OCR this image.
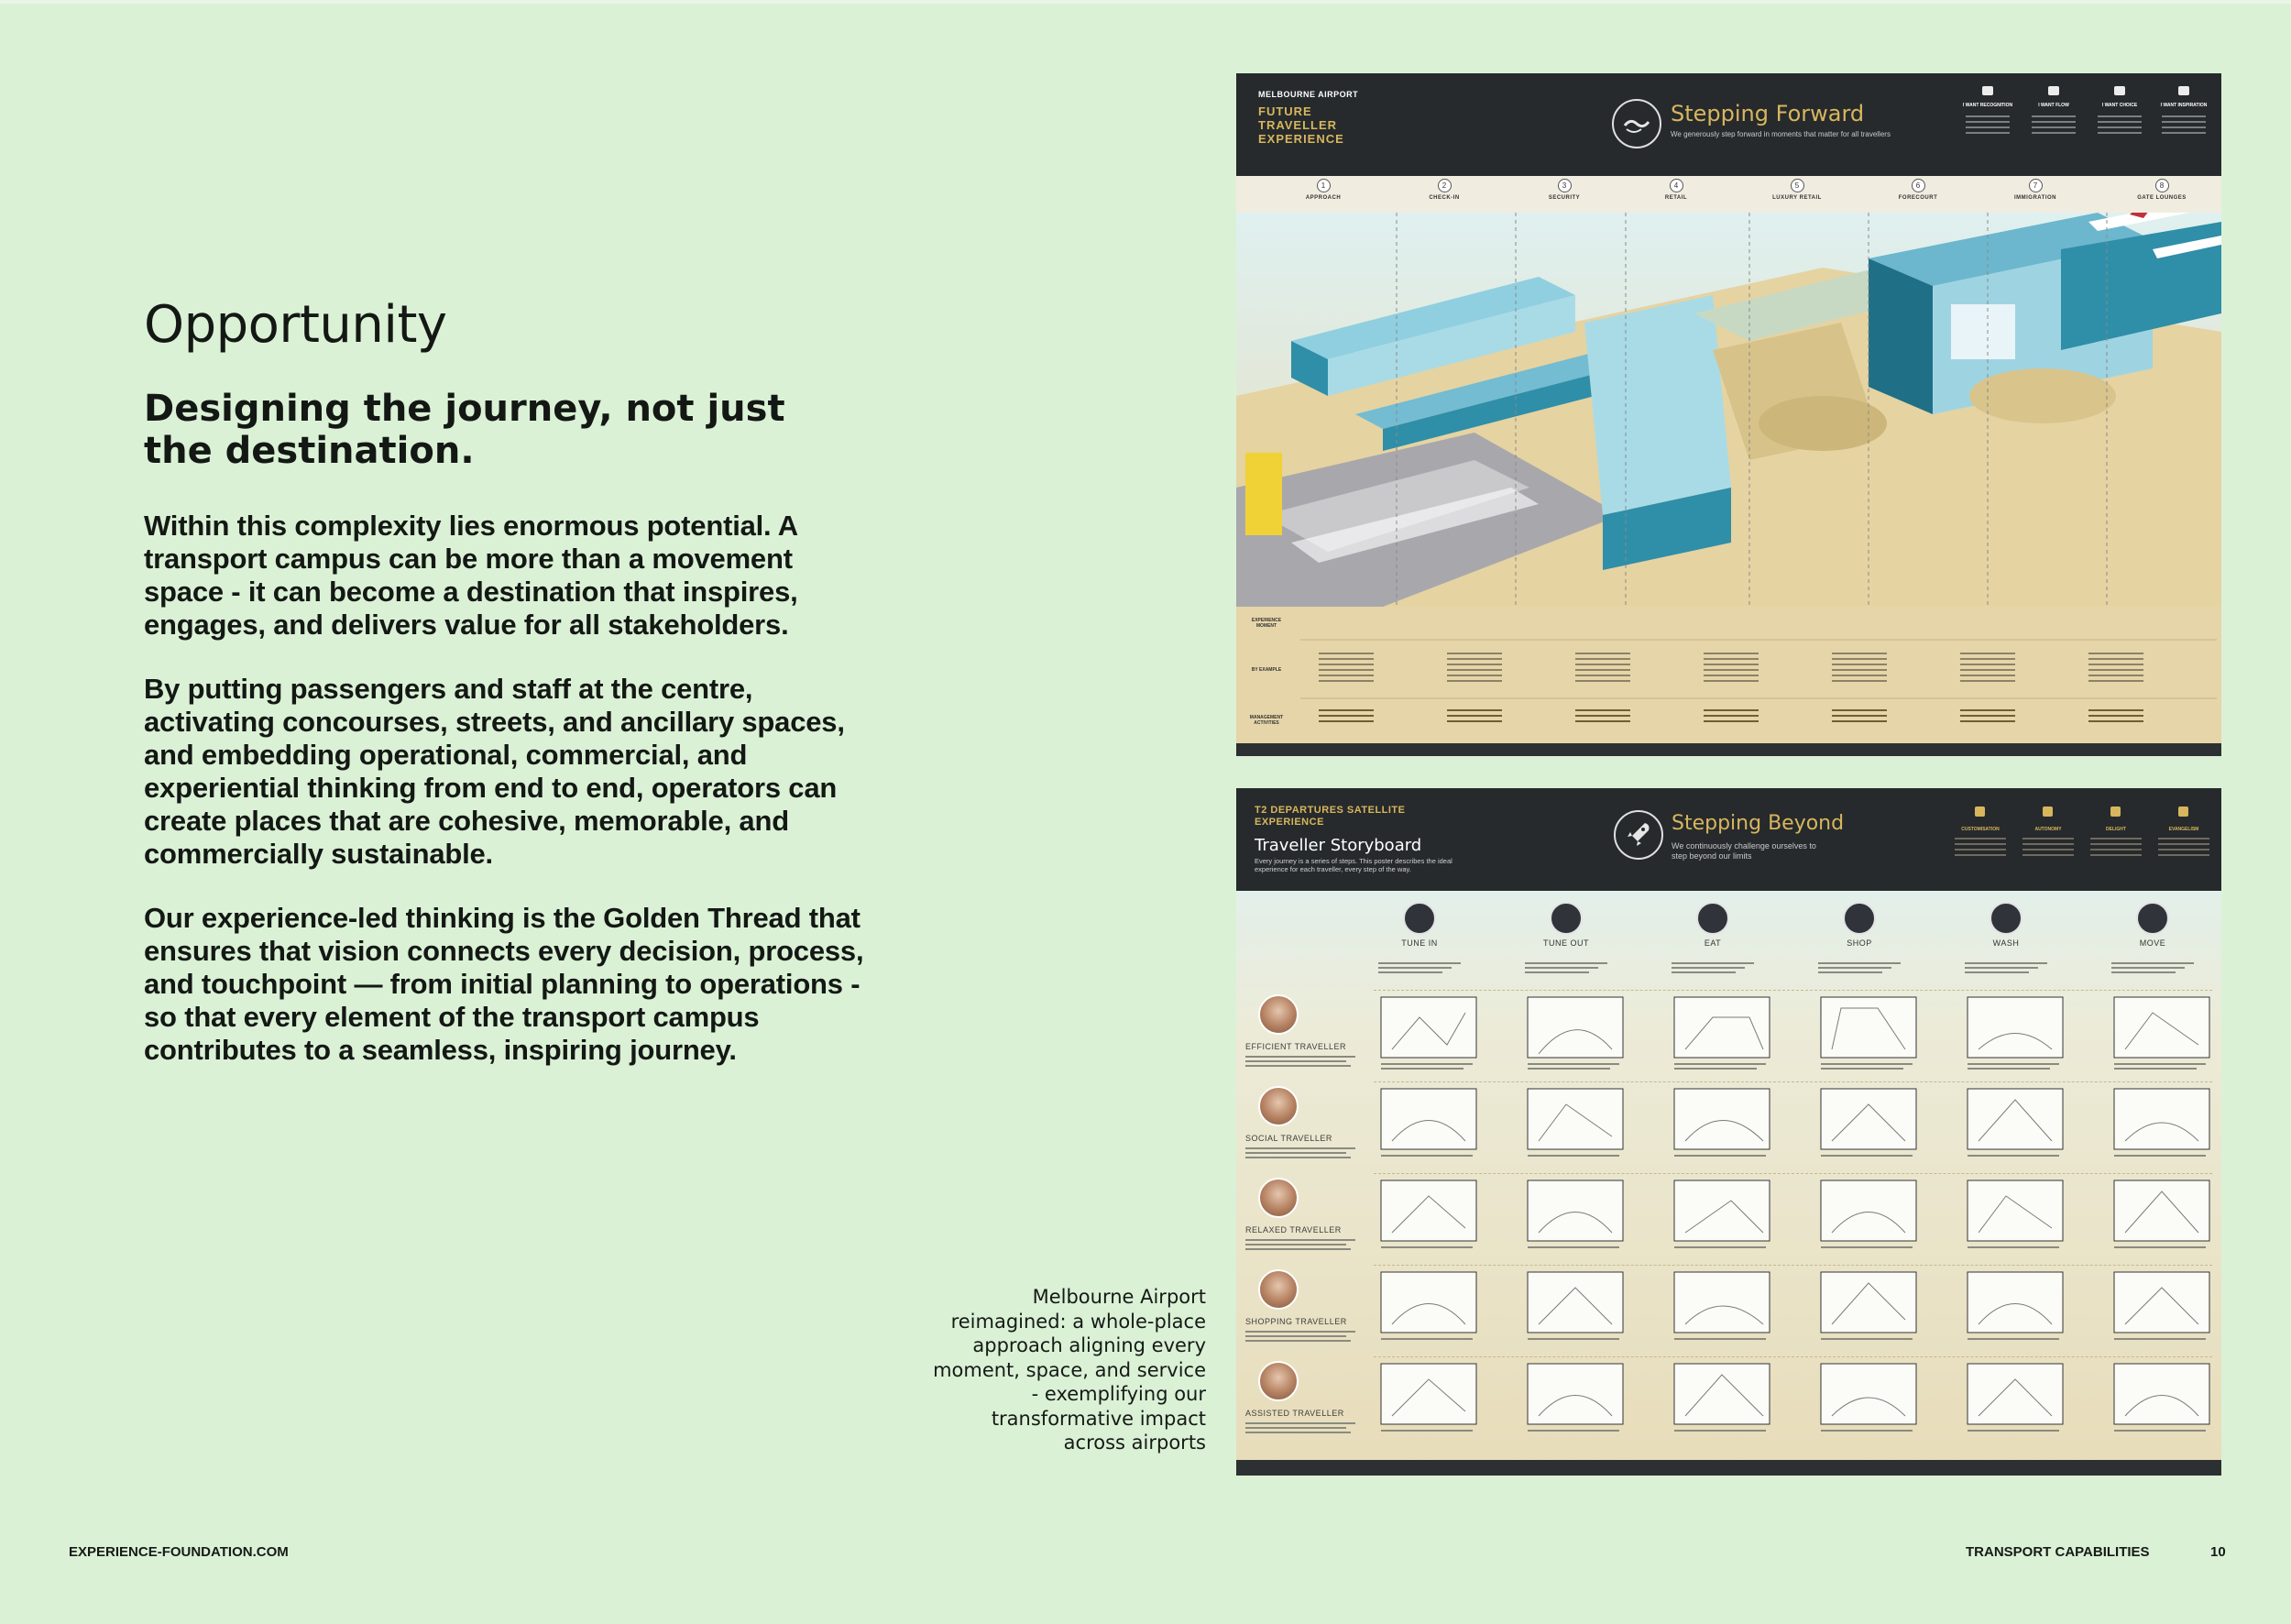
Opportunity
Designing the journey, not just the destination.

Within this complexity lies enormous potential. A transport campus can be more than a movement space - it can become a destination that inspires, engages, and delivers value for all stakeholders.

By putting passengers and staff at the centre, activating concourses, streets, and ancillary spaces, and embedding operational, commercial, and experiential thinking from end to end, operators can create places that are cohesive, memorable, and commercially sustainable.

Our experience-led thinking is the Golden Thread that ensures that vision connects every decision, process, and touchpoint — from initial planning to operations - so that every element of the transport campus contributes to a seamless, inspiring journey.

Melbourne Airport reimagined: a whole-place approach aligning every moment, space, and service - exemplifying our transformative impact across airports

EXPERIENCE-FOUNDATION.COM	TRANSPORT CAPABILITIES	10
MELBOURNE AIRPORT
FUTURE TRAVELLER EXPERIENCE
Stepping Forward
We generously step forward in moments that matter for all travellers
I WANT RECOGNITION	I WANT FLOW	I WANT CHOICE	I WANT INSPIRATION
1
APPROACH
2
CHECK-IN
3
SECURITY
4
RETAIL
5
LUXURY RETAIL
6
FORECOURT
7
IMMIGRATION
8
GATE LOUNGES
EXPERIENCE MOMENT
BY EXAMPLE
MANAGEMENT ACTIVITIES
T2 DEPARTURES SATELLITE EXPERIENCE
Traveller Storyboard
Every journey is a series of steps. This poster describes the ideal experience for each traveller, every step of the way.
Stepping Beyond
We continuously challenge ourselves to step beyond our limits
CUSTOMISATION	AUTONOMY	DELIGHT	EVANGELISM
TUNE IN	TUNE OUT	EAT	SHOP	WASH	MOVE
EFFICIENT TRAVELLER
SOCIAL TRAVELLER
RELAXED TRAVELLER
SHOPPING TRAVELLER
ASSISTED TRAVELLER
